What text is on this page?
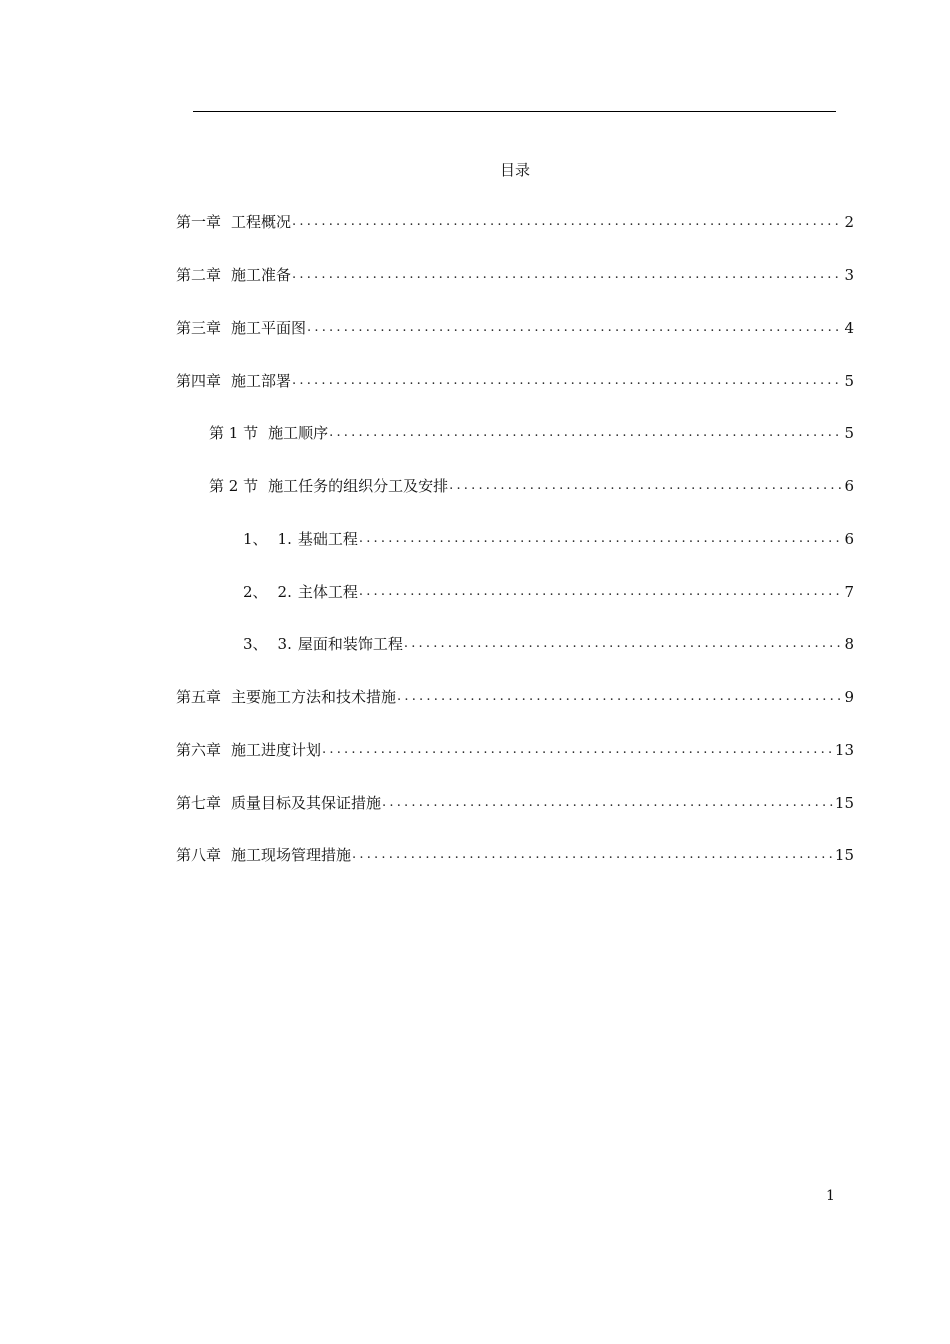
目录
第一章 工程概况 .....	2
第二章 施工准备 .....	3
第三章 施工平面图 .....	4
第四章 施工部署 .....	5
第 1 节 施工顺序 .....	5
第 2 节 施工任务的组织分工及安排 .....	6
1、 1. 基础工程 .....	6
2、 2. 主体工程 .....	7
3、 3. 屋面和装饰工程 .....	8
第五章 主要施工方法和技术措施 .....	9
第六章 施工进度计划 .....	13
第七章 质量目标及其保证措施 .....	15
第八章 施工现场管理措施 .....	15
1
